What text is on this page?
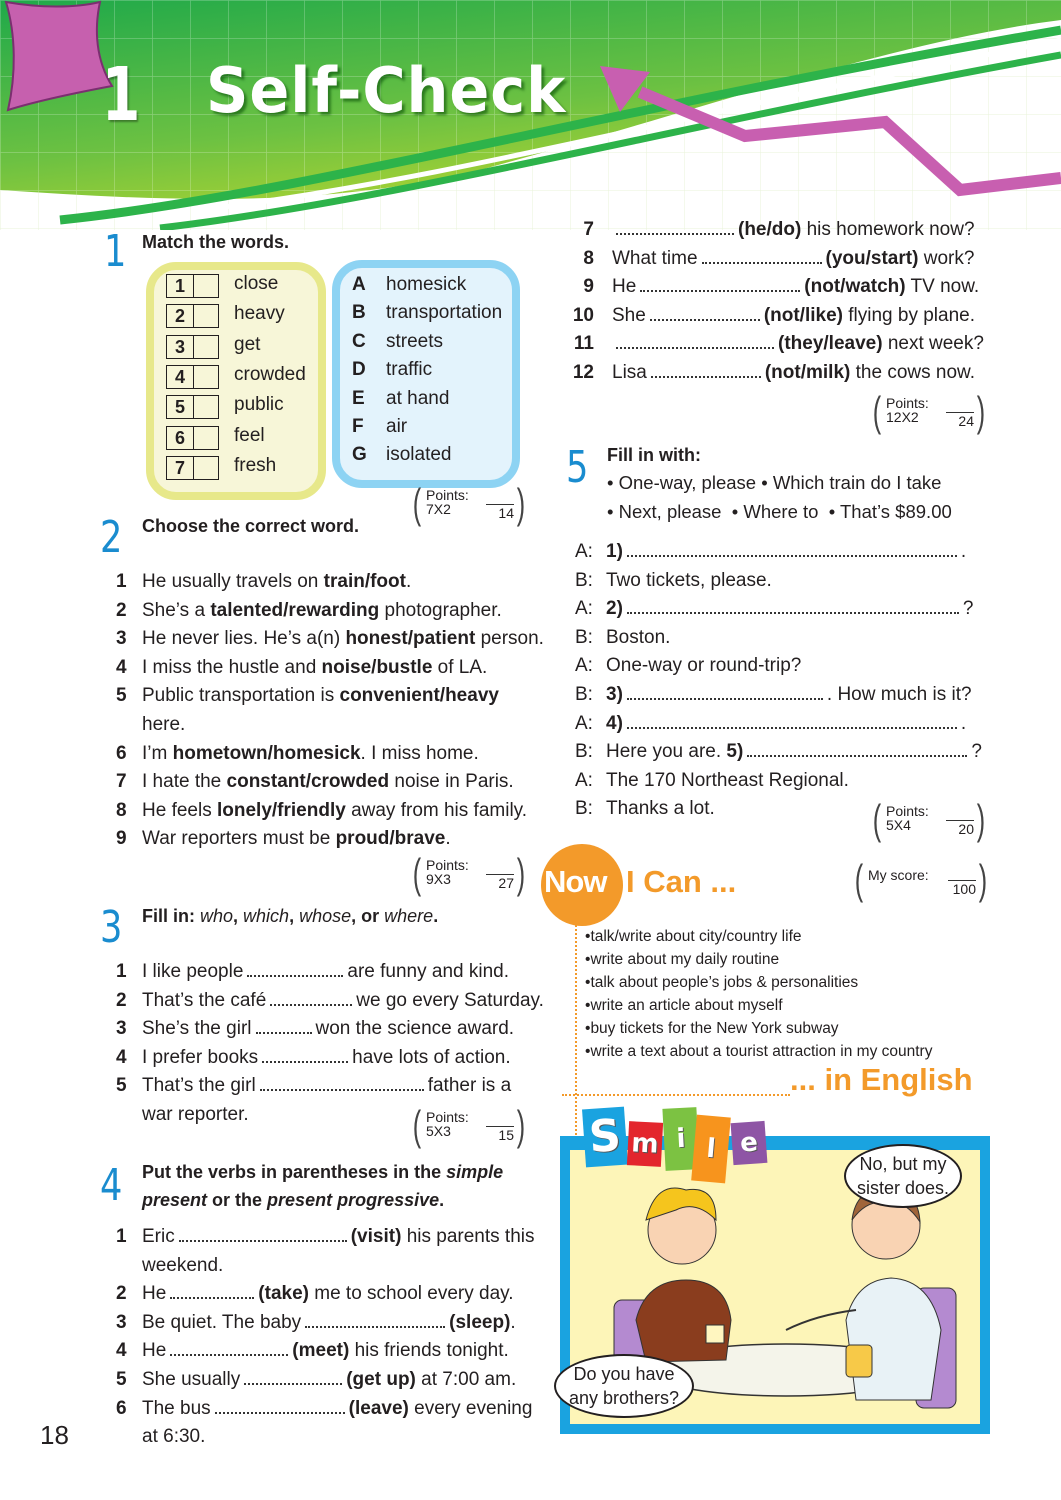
1	Self-Check
1 Match the words.
1	close
2	heavy
3	get
4	crowded
5	public
6	feel
7	fresh
A homesick
B transportation
C streets
D traffic
E at hand
F air
G isolated
( Points:
7X2	14 )
2 Choose the correct word.
1 He usually travels on train/foot.
2 She’s a talented/rewarding photographer.
3 He never lies. He’s a(n) honest/patient person.
4 I miss the hustle and noise/bustle of LA.
5 Public transportation is convenient/heavy
here.
6 I’m hometown/homesick. I miss home.
7 I hate the constant/crowded noise in Paris.
8 He feels lonely/friendly away from his family.
9 War reporters must be proud/brave.
( Points:
9X3	27 )
3 Fill in: who, which, whose, or where.
1 I like people	are funny and kind.
2 That’s the café	we go every Saturday.
3 She’s the girl	won the science award.
4 I prefer books	have lots of action.
5 That’s the girl	father is a
war reporter.	( Points:
5X3	15 )
4 Put the verbs in parentheses in the simple
present or the present progressive.
1 Eric	(visit) his parents this
weekend.
2 He	(take) me to school every day.
3 Be quiet. The baby	(sleep).
4 He	(meet) his friends tonight.
5 She usually	(get up) at 7:00 am.
6 The bus	(leave) every evening
at 6:30.
7	(he/do) his homework now?
8 What time	(you/start) work?
9 He	(not/watch) TV now.
10 She	(not/like) flying by plane.
11	(they/leave) next week?
12 Lisa	(not/milk) the cows now.
( Points:
12X2	24 )
5 Fill in with:
• One-way, please • Which train do I take
• Next, please  • Where to  • That’s $89.00
A: 1)	.
B: Two tickets, please.
A: 2)	?
B: Boston.
A: One-way or round-trip?
B: 3)	. How much is it?
A: 4)	.
B: Here you are. 5)	?
A: The 170 Northeast Regional.
B: Thanks a lot.	( Points:
5X4	20 )
Now I Can ...	( My score:
100 )
• talk/write about city/country life
• write about my daily routine
• talk about people’s jobs & personalities
• write an article about myself
• buy tickets for the New York subway
• write a text about a tourist attraction in my country
... in English
S m i l e
No, but my
sister does.
Do you have
any brothers?
18
